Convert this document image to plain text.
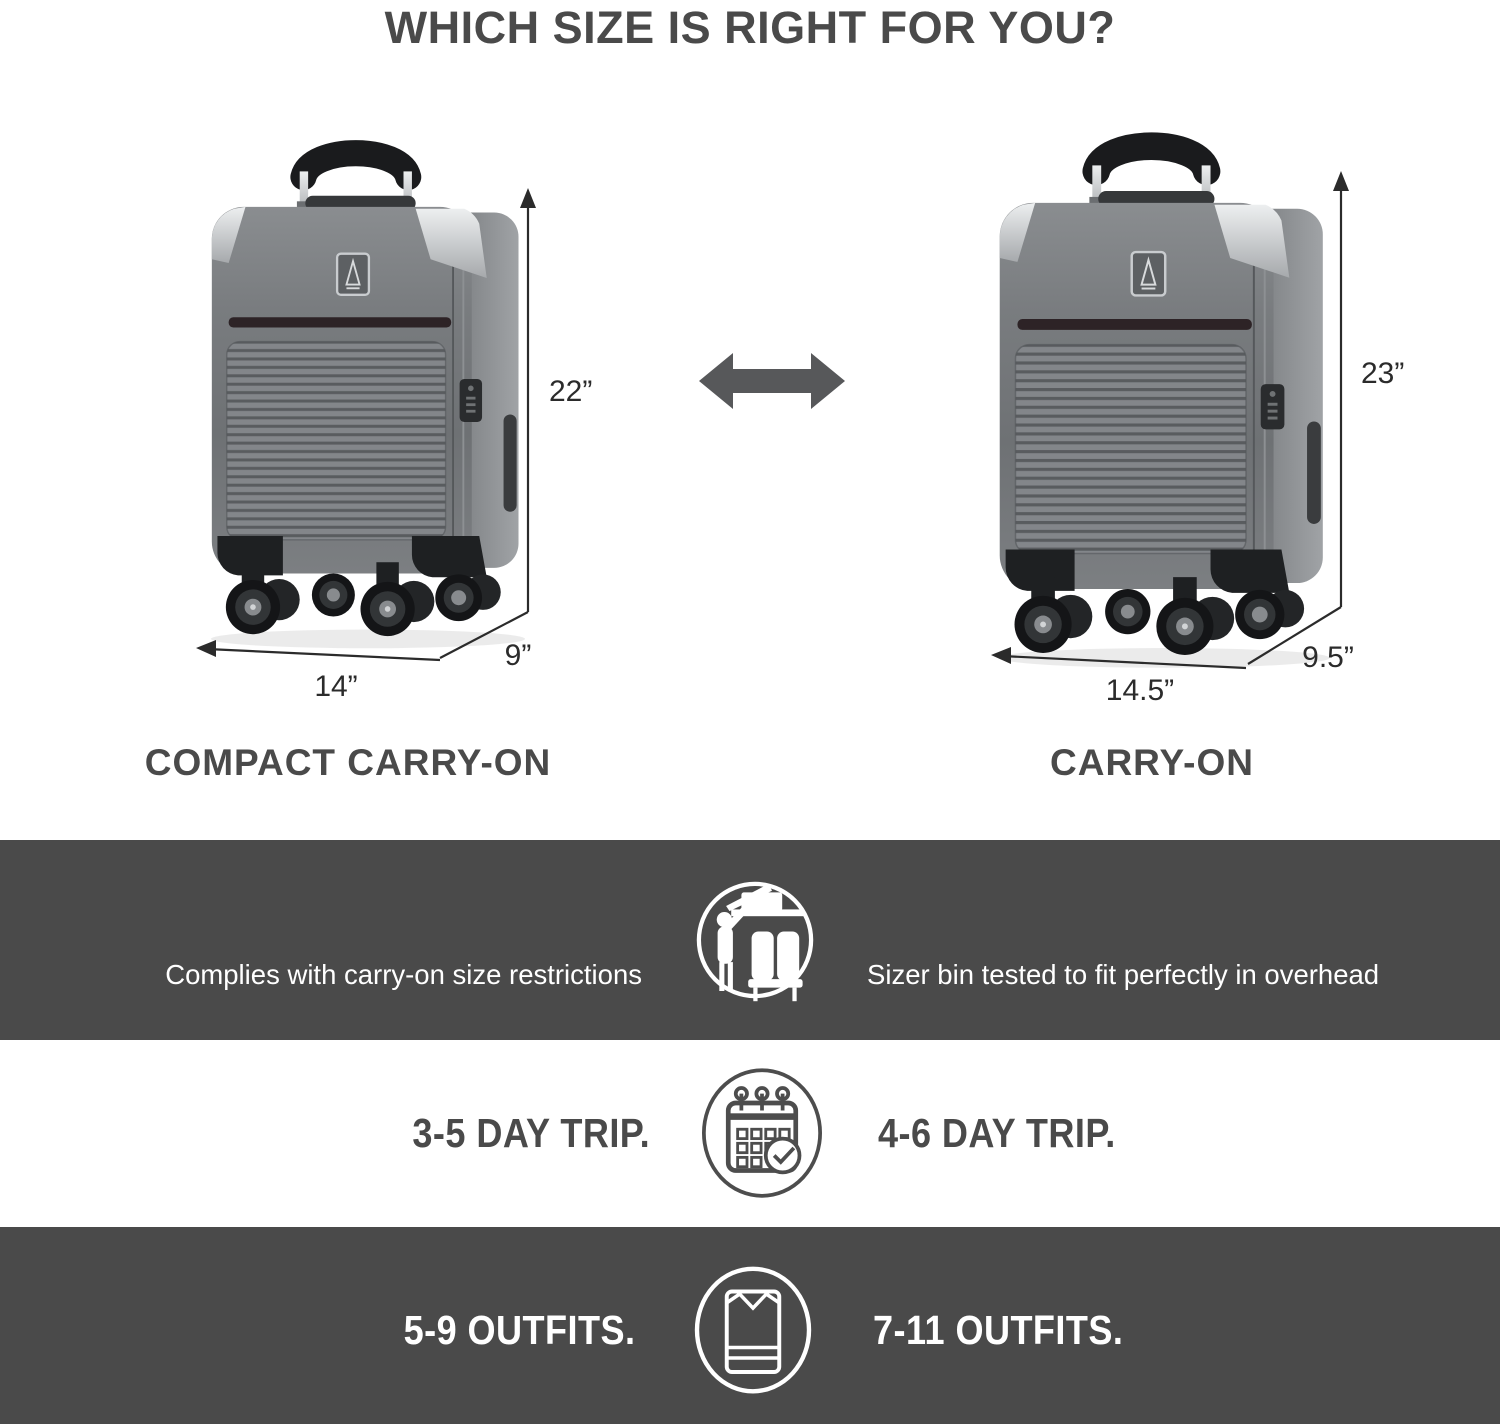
WHICH SIZE IS RIGHT FOR YOU?
22”
14”
9”
23”
14.5”
9.5”
COMPACT CARRY-ON	CARRY-ON

Complies with carry-on size restrictions

	Sizer bin tested to fit perfectly in overhead

3-5 DAY TRIP.	4-6 DAY TRIP.
5-9 OUTFITS.	7-11 OUTFITS.
